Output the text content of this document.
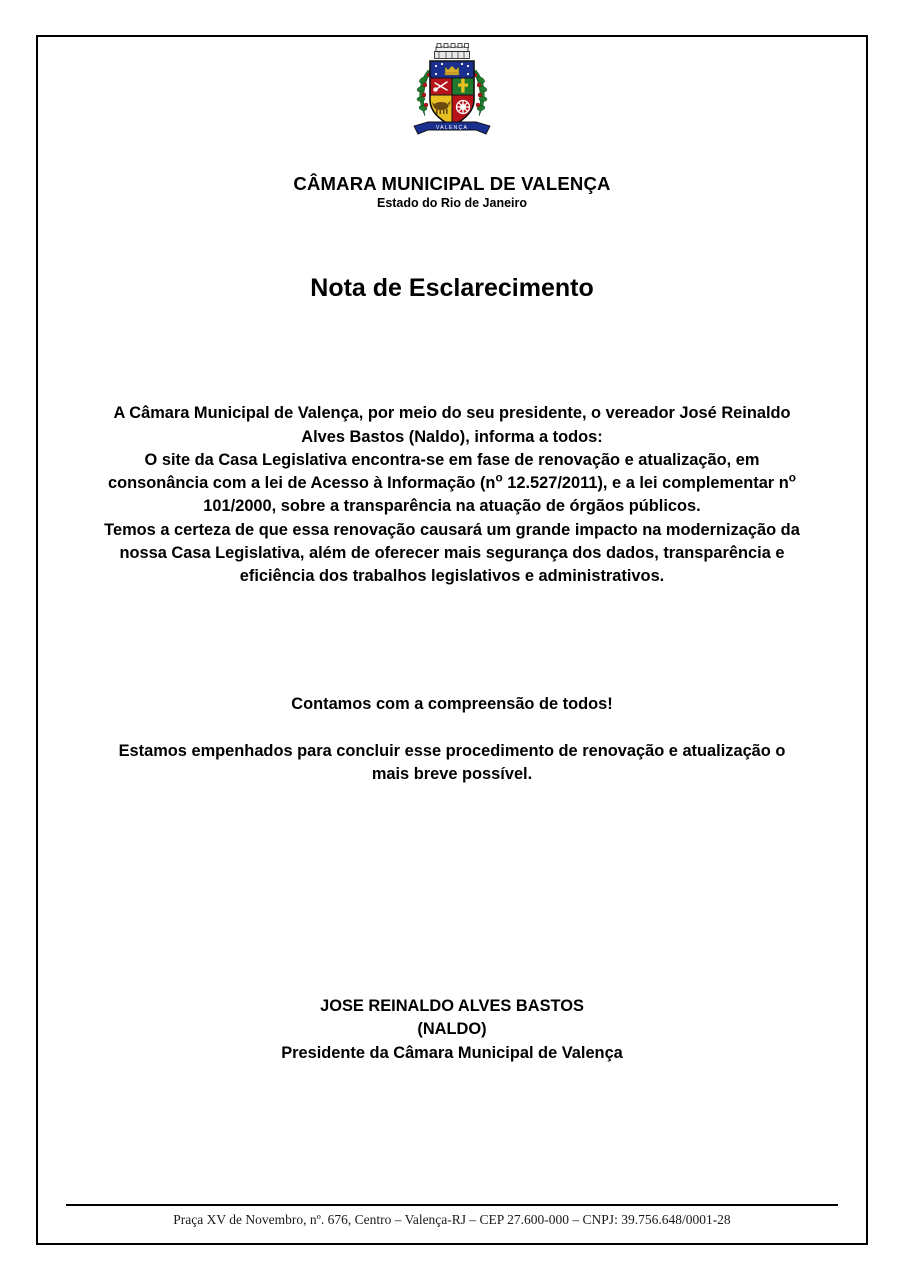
VALENÇA
CÂMARA MUNICIPAL DE VALENÇA
Estado do Rio de Janeiro
Nota de Esclarecimento

A Câmara Municipal de Valença, por meio do seu presidente, o vereador José Reinaldo
Alves Bastos (Naldo), informa a todos:

O site da Casa Legislativa encontra-se em fase de renovação e atualização, em
consonância com a lei de Acesso à Informação ($n^o$ 12.527/2011), e a lei complementar $n^o$
101/2000, sobre a transparência na atuação de órgãos públicos.

Temos a certeza de que essa renovação causará um grande impacto na modernização da
nossa Casa Legislativa, além de oferecer mais segurança dos dados, transparência e
eficiência dos trabalhos legislativos e administrativos.

Contamos com a compreensão de todos!

Estamos empenhados para concluir esse procedimento de renovação e atualização o
mais breve possível.

JOSE REINALDO ALVES BASTOS
(NALDO)
Presidente da Câmara Municipal de Valença
Praça XV de Novembro, nº. 676, Centro – Valença-RJ – CEP 27.600-000 – CNPJ: 39.756.648/0001-28
